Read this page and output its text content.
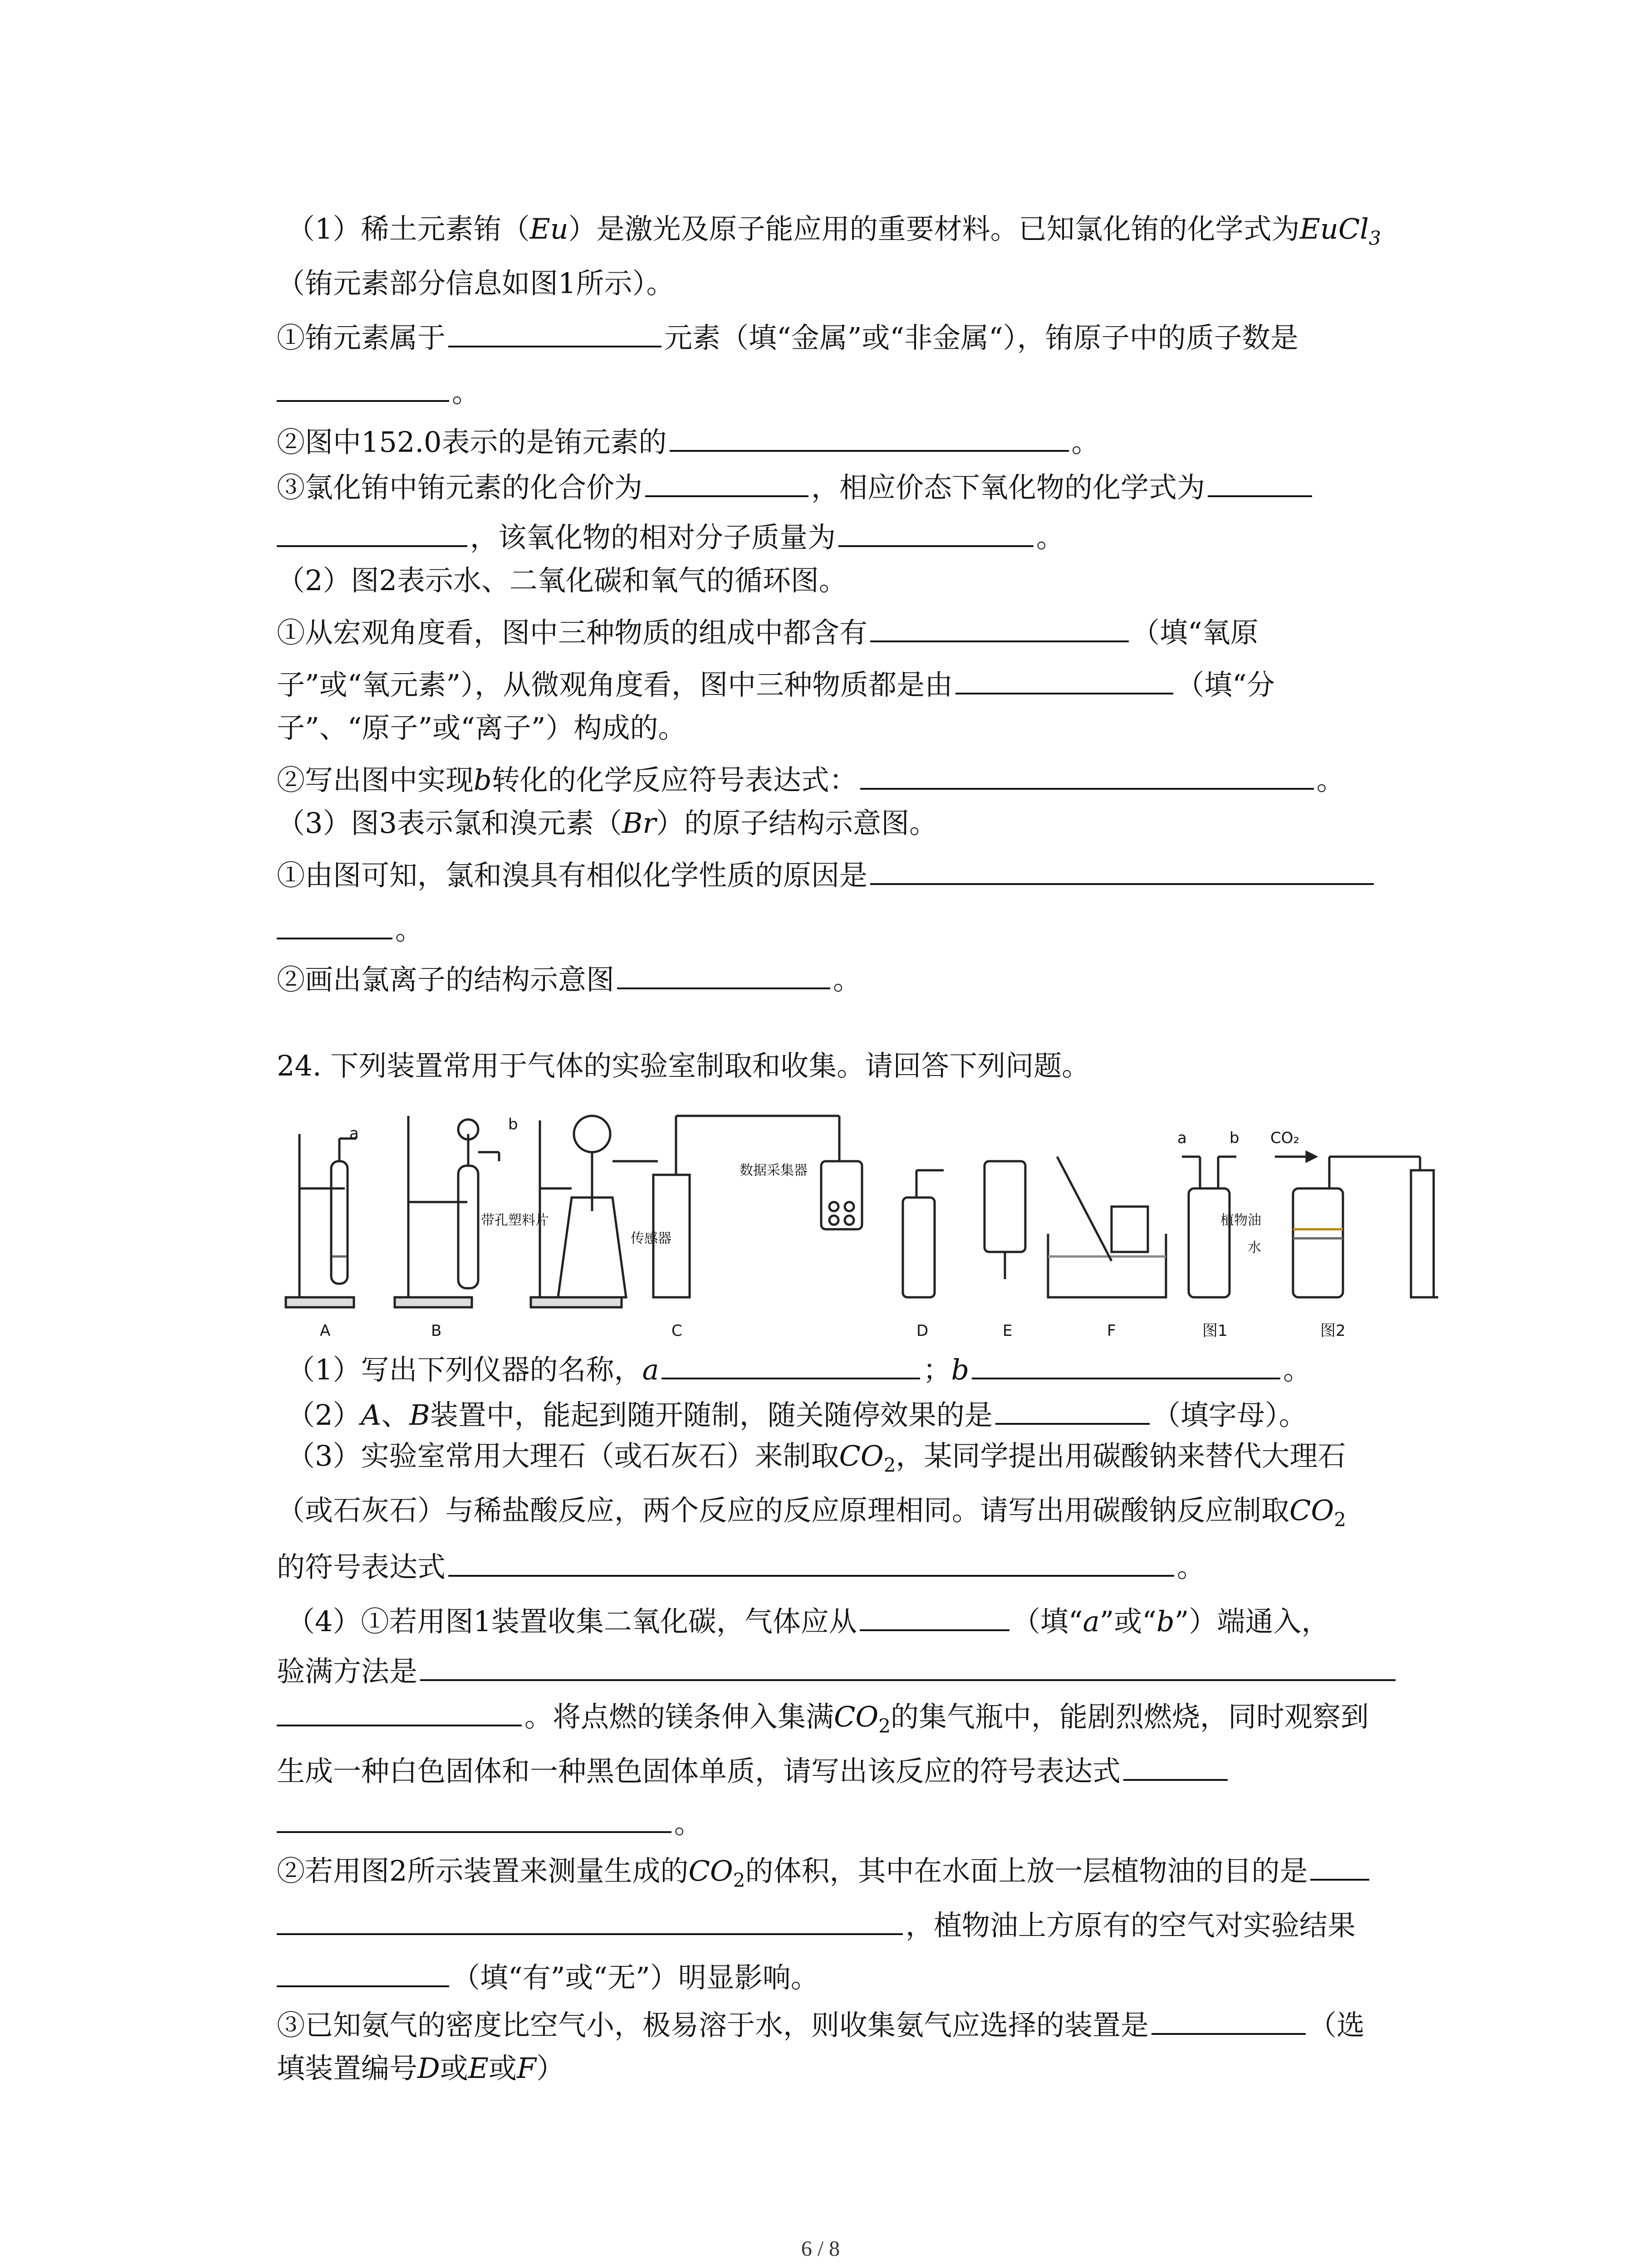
（1）稀土元素铕（Eu）是激光及原子能应用的重要材料。已知氯化铕的化学式为EuCl$_3$
（铕元素部分信息如图1所示）。
①铕元素属于	元素（填“金属”或“非金属“），铕原子中的质子数是
。
②图中152.0表示的是铕元素的	。
③氯化铕中铕元素的化合价为	，相应价态下氧化物的化学式为
，该氧化物的相对分子质量为	。
（2）图2表示水、二氧化碳和氧气的循环图。
①从宏观角度看，图中三种物质的组成中都含有	（填“氧原
子”或“氧元素”），从微观角度看，图中三种物质都是由	（填“分
子”、“原子”或“离子”）构成的。
②写出图中实现b转化的化学反应符号表达式：	。
（3）图3表示氯和溴元素（Br）的原子结构示意图。
①由图可知，氯和溴具有相似化学性质的原因是
。
②画出氯离子的结构示意图	。
24. 下列装置常用于气体的实验室制取和收集。请回答下列问题。
a	b
带孔塑料片
传感器
数据采集器
a	b CO₂
植物油
水
A	B	C	D	E	F	图1	图2
（1）写出下列仪器的名称，a	；b	。
（2）A、B装置中，能起到随开随制，随关随停效果的是	（填字母）。
（3）实验室常用大理石（或石灰石）来制取$CO_2$，某同学提出用碳酸钠来替代大理石
（或石灰石）与稀盐酸反应，两个反应的反应原理相同。请写出用碳酸钠反应制取$CO_2$
的符号表达式	。
（4）①若用图1装置收集二氧化碳，气体应从	（填“a”或“b”）端通入，
验满方法是
。将点燃的镁条伸入集满$CO_2$的集气瓶中，能剧烈燃烧，同时观察到
生成一种白色固体和一种黑色固体单质，请写出该反应的符号表达式
。
②若用图2所示装置来测量生成的$CO_2$的体积，其中在水面上放一层植物油的目的是
，植物油上方原有的空气对实验结果
（填“有”或“无”）明显影响。
③已知氨气的密度比空气小，极易溶于水，则收集氨气应选择的装置是	（选
填装置编号D或E或F）
6 / 8
